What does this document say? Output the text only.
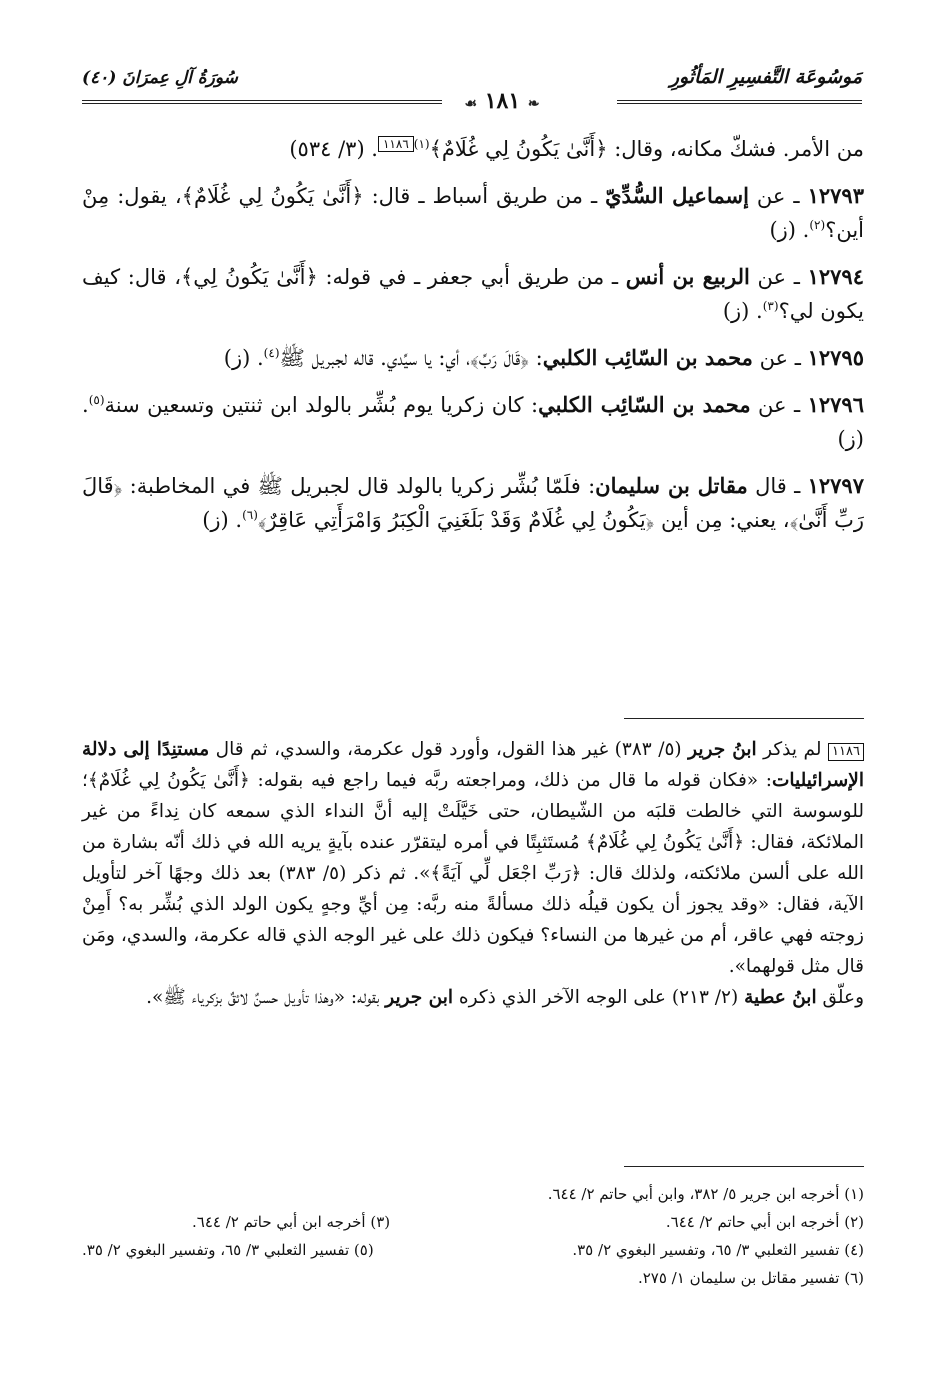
مَوسُوعَة التَّفسِيرِ المَأثُورِ
سُورَةُ آلِ عِمرَانَ (٤٠)
❧ ١٨١ ☙

من الأمر. فشكّ مكانه، وقال: ﴿أَنَّىٰ يَكُونُ لِي غُلَامٌ﴾$^{(١)}$١١٨٦. (٣/ ٥٣٤)

١٢٧٩٣ ـ عن إسماعيل السُّدِّيّ ـ من طريق أسباط ـ قال: ﴿أَنَّىٰ يَكُونُ لِي غُلَامٌ﴾، يقول: مِنْ أين؟$^{(٢)}$. (ز)

١٢٧٩٤ ـ عن الربيع بن أنس ـ من طريق أبي جعفر ـ في قوله: ﴿أَنَّىٰ يَكُونُ لِي﴾، قال: كيف يكون لي؟$^{(٣)}$. (ز)

١٢٧٩٥ ـ عن محمد بن السّائِب الكلبي: ﴿قَالَ رَبِّ﴾، أي: يا سيِّدي. قاله لجبريل ﷺ$^{(٤)}$. (ز)

١٢٧٩٦ ـ عن محمد بن السّائِب الكلبي: كان زكريا يوم بُشِّر بالولد ابن ثنتين وتسعين سنة$^{(٥)}$. (ز)

١٢٧٩٧ ـ قال مقاتل بن سليمان: فلَمّا بُشِّر زكريا بالولد قال لجبريل ﷺ في المخاطبة: ﴿قَالَ رَبِّ أَنَّىٰ﴾، يعني: مِن أين ﴿يَكُونُ لِي غُلَامٌ وَقَدْ بَلَغَنِيَ الْكِبَرُ وَامْرَأَتِي عَاقِرٌ﴾$^{(٦)}$. (ز)

١١٨٦ لم يذكر ابنُ جرير (٥/ ٣٨٣) غير هذا القول، وأورد قول عكرمة، والسدي، ثم قال مستنِدًا إلى دلالة الإسرائيليات: «فكان قوله ما قال من ذلك، ومراجعته ربَّه فيما راجع فيه بقوله: ﴿أَنَّىٰ يَكُونُ لِي غُلَامٌ﴾؛ للوسوسة التي خالطت قلبَه من الشّيطان، حتى خَيَّلَتْ إليه أنَّ النداء الذي سمعه كان نِداءً من غير الملائكة، فقال: ﴿أَنَّىٰ يَكُونُ لِي غُلَامٌ﴾ مُستَثبِتًا في أمره ليتقرّر عنده بآيةٍ يريه الله في ذلك أنّه بشارة من الله على ألسن ملائكته، ولذلك قال: ﴿رَبِّ اجْعَل لِّي آيَةً﴾». ثم ذكر (٥/ ٣٨٣) بعد ذلك وجهًا آخر لتأويل الآية، فقال: «وقد يجوز أن يكون قيلُه ذلك مسألةً منه ربَّه: مِن أيِّ وجهٍ يكون الولد الذي بُشِّر به؟ أَمِنْ زوجته فهي عاقر، أم من غيرها من النساء؟ فيكون ذلك على غير الوجه الذي قاله عكرمة، والسدي، ومَن قال مثل قولهما».

وعلّق ابنُ عطية (٢/ ٢١٣) على الوجه الآخر الذي ذكره ابن جرير بقوله: «وهذا تأويل حسنٌ لائقٌ بزكرياء ﷺ».

(١) أخرجه ابن جرير ٥/ ٣٨٢، وابن أبي حاتم ٢/ ٦٤٤.
(٢) أخرجه ابن أبي حاتم ٢/ ٦٤٤.
(٣) أخرجه ابن أبي حاتم ٢/ ٦٤٤.
(٤) تفسير الثعلبي ٣/ ٦٥، وتفسير البغوي ٢/ ٣٥.
(٥) تفسير الثعلبي ٣/ ٦٥، وتفسير البغوي ٢/ ٣٥.
(٦) تفسير مقاتل بن سليمان ١/ ٢٧٥.
